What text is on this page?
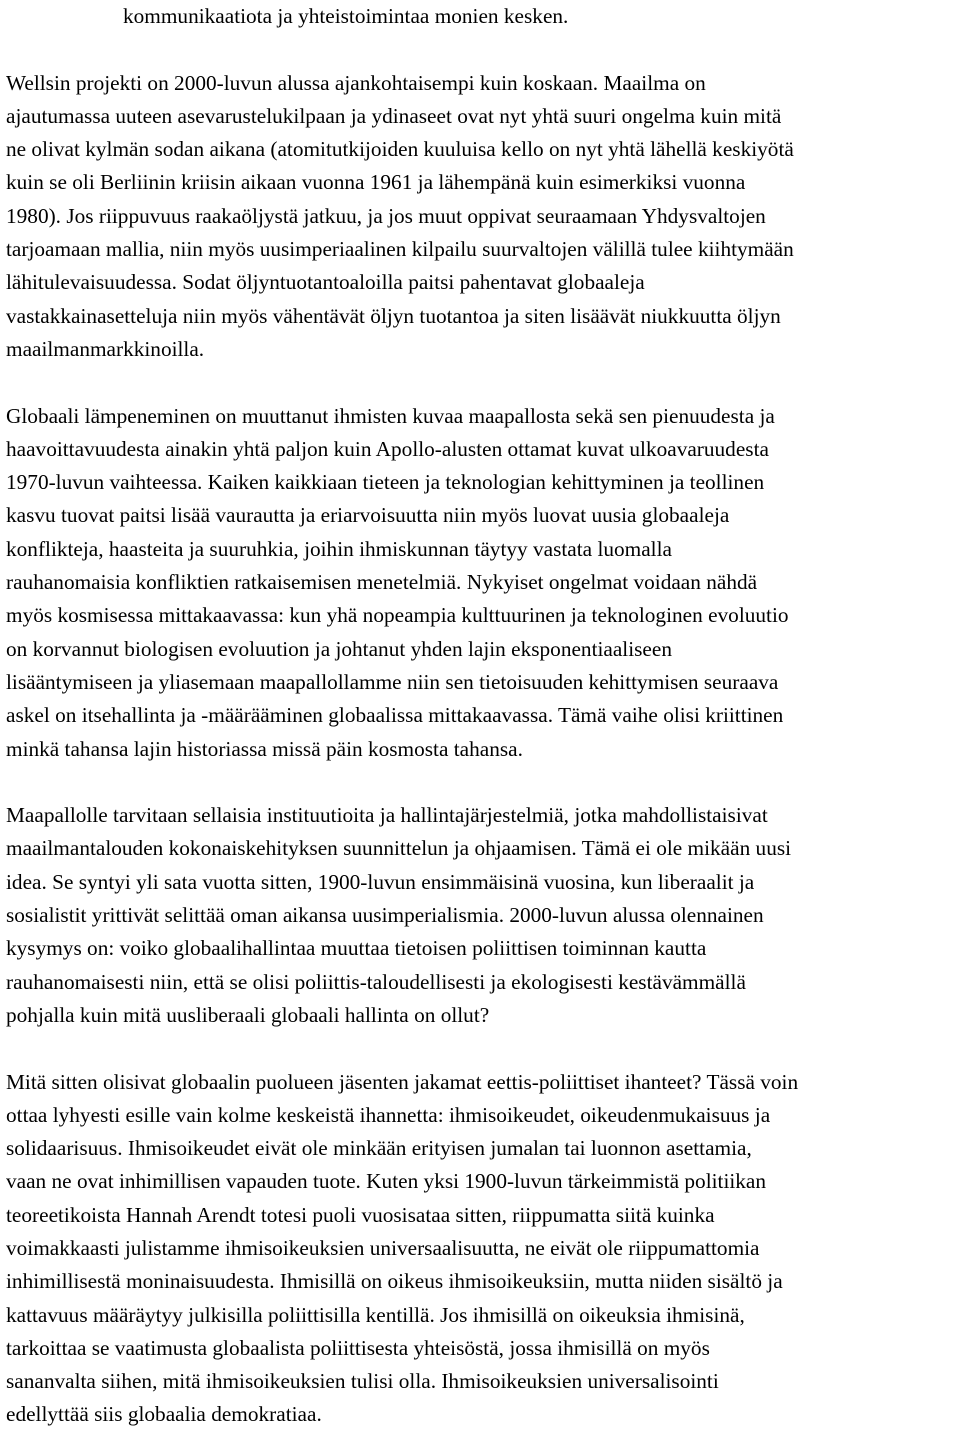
kommunikaatiota ja yhteistoimintaa monien kesken.

Wellsin projekti on 2000-luvun alussa ajankohtaisempi kuin koskaan. Maailma on
ajautumassa uuteen asevarustelukilpaan ja ydinaseet ovat nyt yhtä suuri ongelma kuin mitä
ne olivat kylmän sodan aikana (atomitutkijoiden kuuluisa kello on nyt yhtä lähellä keskiyötä
kuin se oli Berliinin kriisin aikaan vuonna 1961 ja lähempänä kuin esimerkiksi vuonna
1980). Jos riippuvuus raakaöljystä jatkuu, ja jos muut oppivat seuraamaan Yhdysvaltojen
tarjoamaan mallia, niin myös uusimperiaalinen kilpailu suurvaltojen välillä tulee kiihtymään
lähitulevaisuudessa. Sodat öljyntuotantoaloilla paitsi pahentavat globaaleja
vastakkainasetteluja niin myös vähentävät öljyn tuotantoa ja siten lisäävät niukkuutta öljyn
maailmanmarkkinoilla.

Globaali lämpeneminen on muuttanut ihmisten kuvaa maapallosta sekä sen pienuudesta ja
haavoittavuudesta ainakin yhtä paljon kuin Apollo-alusten ottamat kuvat ulkoavaruudesta
1970-luvun vaihteessa. Kaiken kaikkiaan tieteen ja teknologian kehittyminen ja teollinen
kasvu tuovat paitsi lisää vaurautta ja eriarvoisuutta niin myös luovat uusia globaaleja
konflikteja, haasteita ja suuruhkia, joihin ihmiskunnan täytyy vastata luomalla
rauhanomaisia konfliktien ratkaisemisen menetelmiä. Nykyiset ongelmat voidaan nähdä
myös kosmisessa mittakaavassa: kun yhä nopeampia kulttuurinen ja teknologinen evoluutio
on korvannut biologisen evoluution ja johtanut yhden lajin eksponentiaaliseen
lisääntymiseen ja yliasemaan maapallollamme niin sen tietoisuuden kehittymisen seuraava
askel on itsehallinta ja -määrääminen globaalissa mittakaavassa. Tämä vaihe olisi kriittinen
minkä tahansa lajin historiassa missä päin kosmosta tahansa.

Maapallolle tarvitaan sellaisia instituutioita ja hallintajärjestelmiä, jotka mahdollistaisivat
maailmantalouden kokonaiskehityksen suunnittelun ja ohjaamisen. Tämä ei ole mikään uusi
idea. Se syntyi yli sata vuotta sitten, 1900-luvun ensimmäisinä vuosina, kun liberaalit ja
sosialistit yrittivät selittää oman aikansa uusimperialismia. 2000-luvun alussa olennainen
kysymys on: voiko globaalihallintaa muuttaa tietoisen poliittisen toiminnan kautta
rauhanomaisesti niin, että se olisi poliittis-taloudellisesti ja ekologisesti kestävämmällä
pohjalla kuin mitä uusliberaali globaali hallinta on ollut?

Mitä sitten olisivat globaalin puolueen jäsenten jakamat eettis-poliittiset ihanteet? Tässä voin
ottaa lyhyesti esille vain kolme keskeistä ihannetta: ihmisoikeudet, oikeudenmukaisuus ja
solidaarisuus. Ihmisoikeudet eivät ole minkään erityisen jumalan tai luonnon asettamia,
vaan ne ovat inhimillisen vapauden tuote. Kuten yksi 1900-luvun tärkeimmistä politiikan
teoreetikoista Hannah Arendt totesi puoli vuosisataa sitten, riippumatta siitä kuinka
voimakkaasti julistamme ihmisoikeuksien universaalisuutta, ne eivät ole riippumattomia
inhimillisestä moninaisuudesta. Ihmisillä on oikeus ihmisoikeuksiin, mutta niiden sisältö ja
kattavuus määräytyy julkisilla poliittisilla kentillä. Jos ihmisillä on oikeuksia ihmisinä,
tarkoittaa se vaatimusta globaalista poliittisesta yhteisöstä, jossa ihmisillä on myös
sananvalta siihen, mitä ihmisoikeuksien tulisi olla. Ihmisoikeuksien universalisointi
edellyttää siis globaalia demokratiaa.
